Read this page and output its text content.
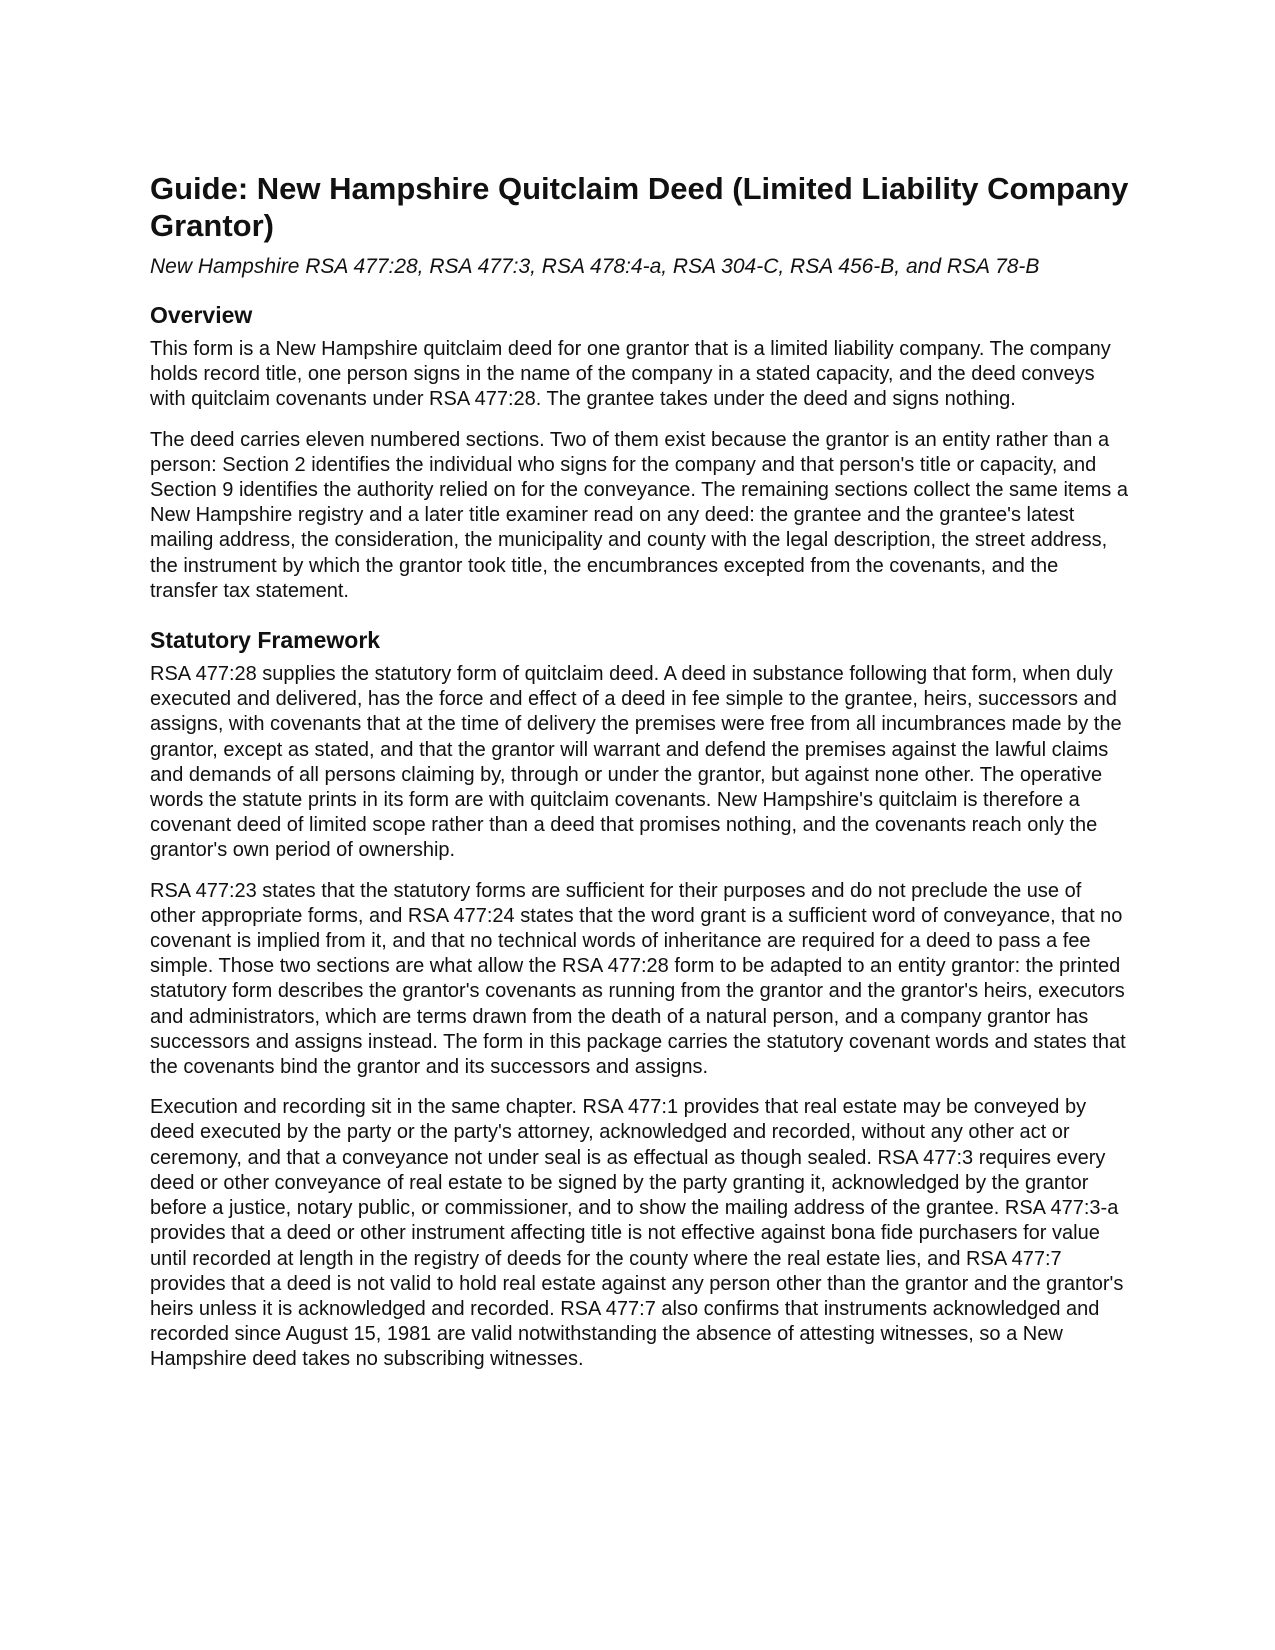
Guide: New Hampshire Quitclaim Deed (Limited Liability Company Grantor)

New Hampshire RSA 477:28, RSA 477:3, RSA 478:4-a, RSA 304-C, RSA 456-B, and RSA 78-B

Overview

This form is a New Hampshire quitclaim deed for one grantor that is a limited liability company. The company holds record title, one person signs in the name of the company in a stated capacity, and the deed conveys with quitclaim covenants under RSA 477:28. The grantee takes under the deed and signs nothing.

The deed carries eleven numbered sections. Two of them exist because the grantor is an entity rather than a person: Section 2 identifies the individual who signs for the company and that person's title or capacity, and Section 9 identifies the authority relied on for the conveyance. The remaining sections collect the same items a New Hampshire registry and a later title examiner read on any deed: the grantee and the grantee's latest mailing address, the consideration, the municipality and county with the legal description, the street address, the instrument by which the grantor took title, the encumbrances excepted from the covenants, and the transfer tax statement.

Statutory Framework

RSA 477:28 supplies the statutory form of quitclaim deed. A deed in substance following that form, when duly executed and delivered, has the force and effect of a deed in fee simple to the grantee, heirs, successors and assigns, with covenants that at the time of delivery the premises were free from all incumbrances made by the grantor, except as stated, and that the grantor will warrant and defend the premises against the lawful claims and demands of all persons claiming by, through or under the grantor, but against none other. The operative words the statute prints in its form are with quitclaim covenants. New Hampshire's quitclaim is therefore a covenant deed of limited scope rather than a deed that promises nothing, and the covenants reach only the grantor's own period of ownership.

RSA 477:23 states that the statutory forms are sufficient for their purposes and do not preclude the use of other appropriate forms, and RSA 477:24 states that the word grant is a sufficient word of conveyance, that no covenant is implied from it, and that no technical words of inheritance are required for a deed to pass a fee simple. Those two sections are what allow the RSA 477:28 form to be adapted to an entity grantor: the printed statutory form describes the grantor's covenants as running from the grantor and the grantor's heirs, executors and administrators, which are terms drawn from the death of a natural person, and a company grantor has successors and assigns instead. The form in this package carries the statutory covenant words and states that the covenants bind the grantor and its successors and assigns.

Execution and recording sit in the same chapter. RSA 477:1 provides that real estate may be conveyed by deed executed by the party or the party's attorney, acknowledged and recorded, without any other act or ceremony, and that a conveyance not under seal is as effectual as though sealed. RSA 477:3 requires every deed or other conveyance of real estate to be signed by the party granting it, acknowledged by the grantor before a justice, notary public, or commissioner, and to show the mailing address of the grantee. RSA 477:3-a provides that a deed or other instrument affecting title is not effective against bona fide purchasers for value until recorded at length in the registry of deeds for the county where the real estate lies, and RSA 477:7 provides that a deed is not valid to hold real estate against any person other than the grantor and the grantor's heirs unless it is acknowledged and recorded. RSA 477:7 also confirms that instruments acknowledged and recorded since August 15, 1981 are valid notwithstanding the absence of attesting witnesses, so a New Hampshire deed takes no subscribing witnesses.
